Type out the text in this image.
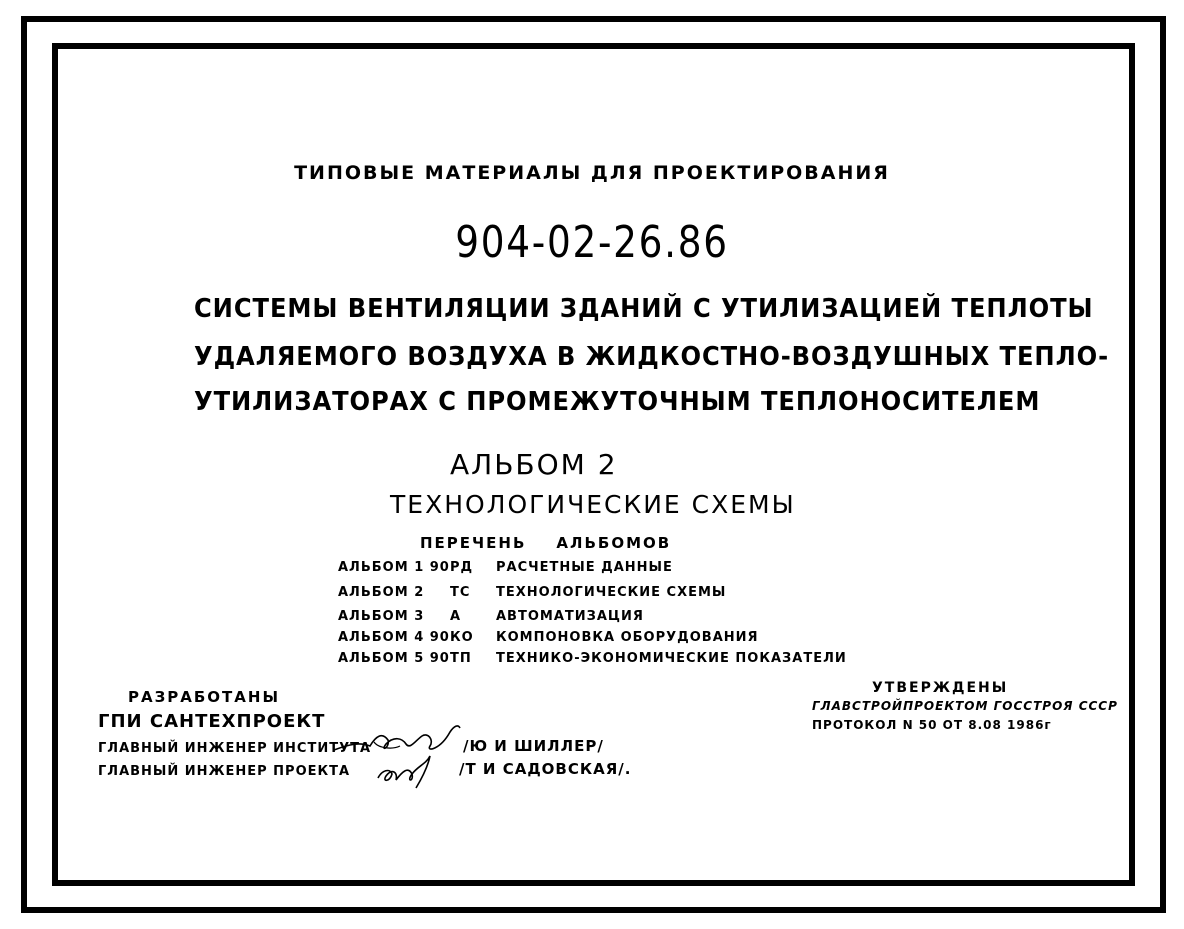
ТИПОВЫЕ МАТЕРИАЛЫ ДЛЯ ПРОЕКТИРОВАНИЯ
904-02-26.86
СИСТЕМЫ ВЕНТИЛЯЦИИ ЗДАНИЙ С УТИЛИЗАЦИЕЙ ТЕПЛОТЫ
УДАЛЯЕМОГО ВОЗДУХА В ЖИДКОСТНО-ВОЗДУШНЫХ ТЕПЛО-
УТИЛИЗАТОРАХ С ПРОМЕЖУТОЧНЫМ ТЕПЛОНОСИТЕЛЕМ
АЛЬБОМ 2
ТЕХНОЛОГИЧЕСКИЕ СХЕМЫ
ПЕРЕЧЕНЬ АЛЬБОМОВ
АЛЬБОМ 1 90 РД РАСЧЕТНЫЕ ДАННЫЕ
АЛЬБОМ 2 ТС ТЕХНОЛОГИЧЕСКИЕ СХЕМЫ
АЛЬБОМ 3 А	АВТОМАТИЗАЦИЯ
АЛЬБОМ 4 90 КО КОМПОНОВКА ОБОРУДОВАНИЯ
АЛЬБОМ 5 90 ТП ТЕХНИКО-ЭКОНОМИЧЕСКИЕ ПОКАЗАТЕЛИ
РАЗРАБОТАНЫ
ГПИ САНТЕХПРОЕКТ
ГЛАВНЫЙ ИНЖЕНЕР ИНСТИТУТА
ГЛАВНЫЙ ИНЖЕНЕР ПРОЕКТА
/Ю И ШИЛЛЕР/
/Т И САДОВСКАЯ/.
УТВЕРЖДЕНЫ
ГЛАВСТРОЙПРОЕКТОМ ГОССТРОЯ СССР
ПРОТОКОЛ N 50 ОТ 8.08 1986г
